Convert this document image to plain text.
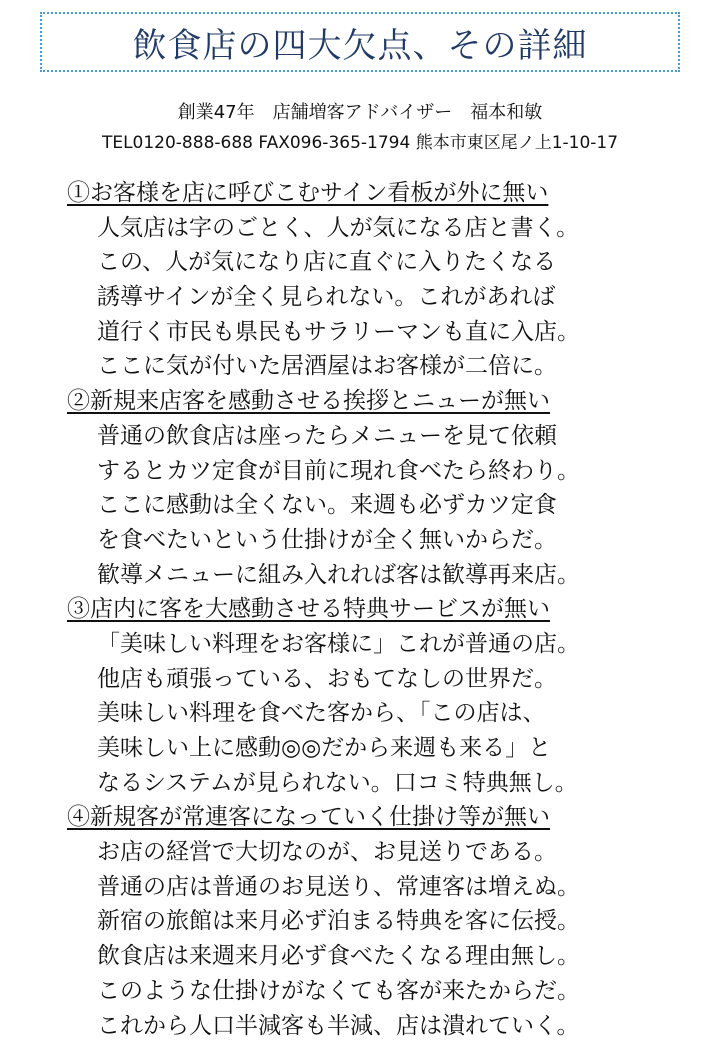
飲食店の四大欠点、その詳細
創業47年　店舗増客アドバイザー　福本和敏
TEL0120-888-688 FAX096-365-1794 熊本市東区尾ノ上1-10-17
①お客様を店に呼びこむサイン看板が外に無い
人気店は字のごとく、人が気になる店と書く。
この、人が気になり店に直ぐに入りたくなる
誘導サインが全く見られない。これがあれば
道行く市民も県民もサラリーマンも直に入店。
ここに気が付いた居酒屋はお客様が二倍に。
②新規来店客を感動させる挨拶とニューが無い
普通の飲食店は座ったらメニューを見て依頼
するとカツ定食が目前に現れ食べたら終わり。
ここに感動は全くない。来週も必ずカツ定食
を食べたいという仕掛けが全く無いからだ。
歓導メニューに組み入れれば客は歓導再来店。
③店内に客を大感動させる特典サービスが無い
「美味しい料理をお客様に」これが普通の店。
他店も頑張っている、おもてなしの世界だ。
美味しい料理を食べた客から、「この店は、
美味しい上に感動◎◎だから来週も来る」と
なるシステムが見られない。口コミ特典無し。
④新規客が常連客になっていく仕掛け等が無い
お店の経営で大切なのが、お見送りである。
普通の店は普通のお見送り、常連客は増えぬ。
新宿の旅館は来月必ず泊まる特典を客に伝授。
飲食店は来週来月必ず食べたくなる理由無し。
このような仕掛けがなくても客が来たからだ。
これから人口半減客も半減、店は潰れていく。
